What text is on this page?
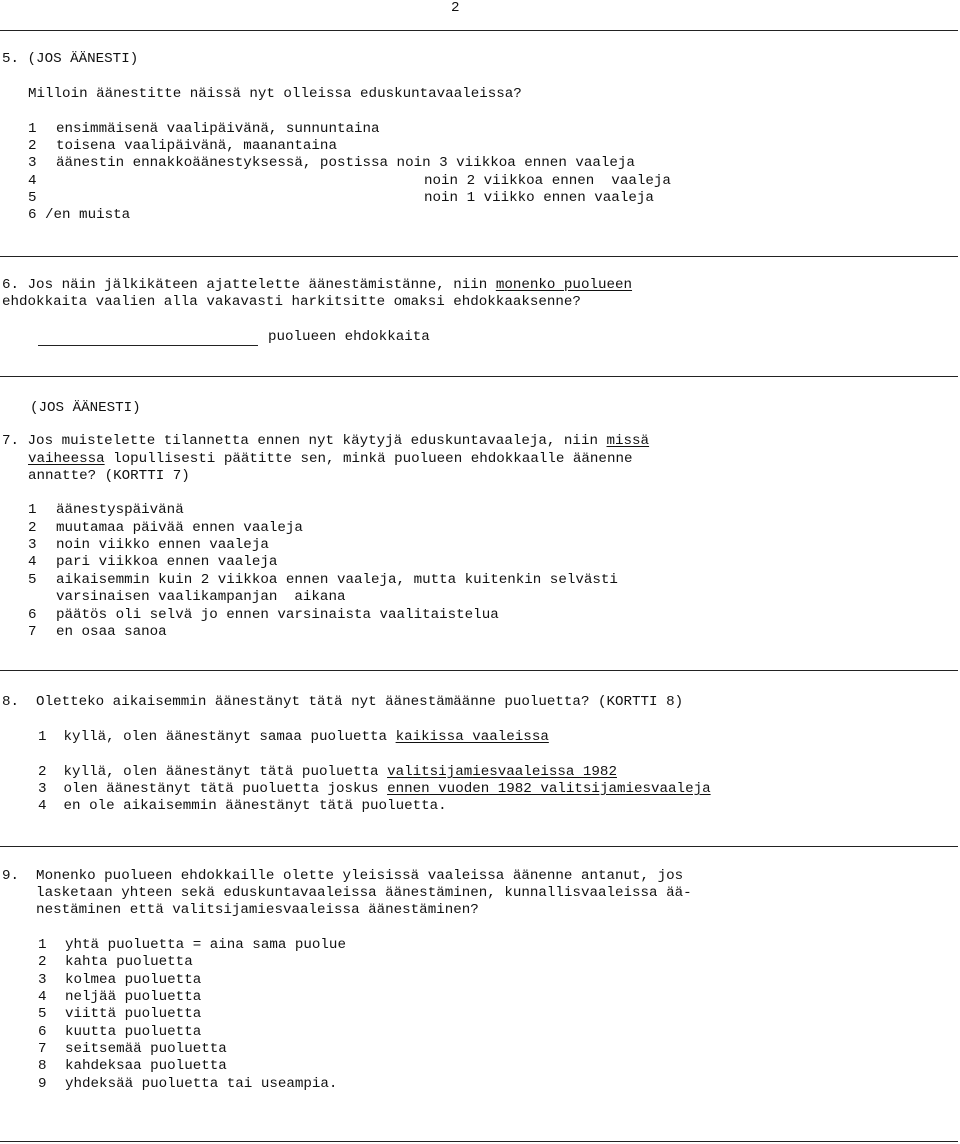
2
5. (JOS ÄÄNESTI)
Milloin äänestitte näissä nyt olleissa eduskuntavaaleissa?
1 ensimmäisenä vaalipäivänä, sunnuntaina
2 toisena vaalipäivänä, maanantaina
3 äänestin ennakkoäänestyksessä, postissa noin 3 viikkoa ennen vaaleja
4	noin 2 viikkoa ennen  vaaleja
5	noin 1 viikko ennen vaaleja
6 /en muista
6. Jos näin jälkikäteen ajattelette äänestämistänne, niin monenko puolueen
ehdokkaita vaalien alla vakavasti harkitsitte omaksi ehdokkaaksenne?
puolueen ehdokkaita
(JOS ÄÄNESTI)
7. Jos muistelette tilannetta ennen nyt käytyjä eduskuntavaaleja, niin missä
vaiheessa lopullisesti päätitte sen, minkä puolueen ehdokkaalle äänenne
annatte? (KORTTI 7)
1 äänestyspäivänä
2 muutamaa päivää ennen vaaleja
3 noin viikko ennen vaaleja
4 pari viikkoa ennen vaaleja
5 aikaisemmin kuin 2 viikkoa ennen vaaleja, mutta kuitenkin selvästi
varsinaisen vaalikampanjan  aikana
6 päätös oli selvä jo ennen varsinaista vaalitaistelua
7 en osaa sanoa
8.  Oletteko aikaisemmin äänestänyt tätä nyt äänestämäänne puoluetta? (KORTTI 8)
1  kyllä, olen äänestänyt samaa puoluetta kaikissa vaaleissa
2  kyllä, olen äänestänyt tätä puoluetta valitsijamiesvaaleissa 1982
3  olen äänestänyt tätä puoluetta joskus ennen vuoden 1982 valitsijamiesvaaleja
4  en ole aikaisemmin äänestänyt tätä puoluetta.
9.  Monenko puolueen ehdokkaille olette yleisissä vaaleissa äänenne antanut, jos
lasketaan yhteen sekä eduskuntavaaleissa äänestäminen, kunnallisvaaleissa ää-
nestäminen että valitsijamiesvaaleissa äänestäminen?
1 yhtä puoluetta = aina sama puolue
2 kahta puoluetta
3 kolmea puoluetta
4 neljää puoluetta
5 viittä puoluetta
6 kuutta puoluetta
7 seitsemää puoluetta
8 kahdeksaa puoluetta
9 yhdeksää puoluetta tai useampia.
